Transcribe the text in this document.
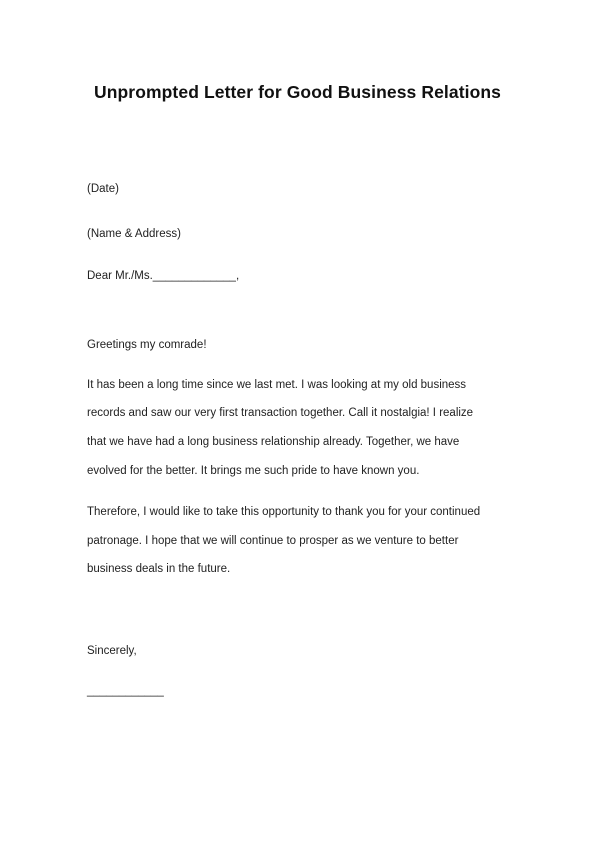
Unprompted Letter for Good Business Relations

(Date)

(Name & Address)

Dear Mr./Ms._____________,

Greetings my comrade!

It has been a long time since we last met. I was looking at my old business

records and saw our very first transaction together. Call it nostalgia! I realize

that we have had a long business relationship already. Together, we have

evolved for the better. It brings me such pride to have known you.

Therefore, I would like to take this opportunity to thank you for your continued

patronage. I hope that we will continue to prosper as we venture to better

business deals in the future.

Sincerely,

____________
